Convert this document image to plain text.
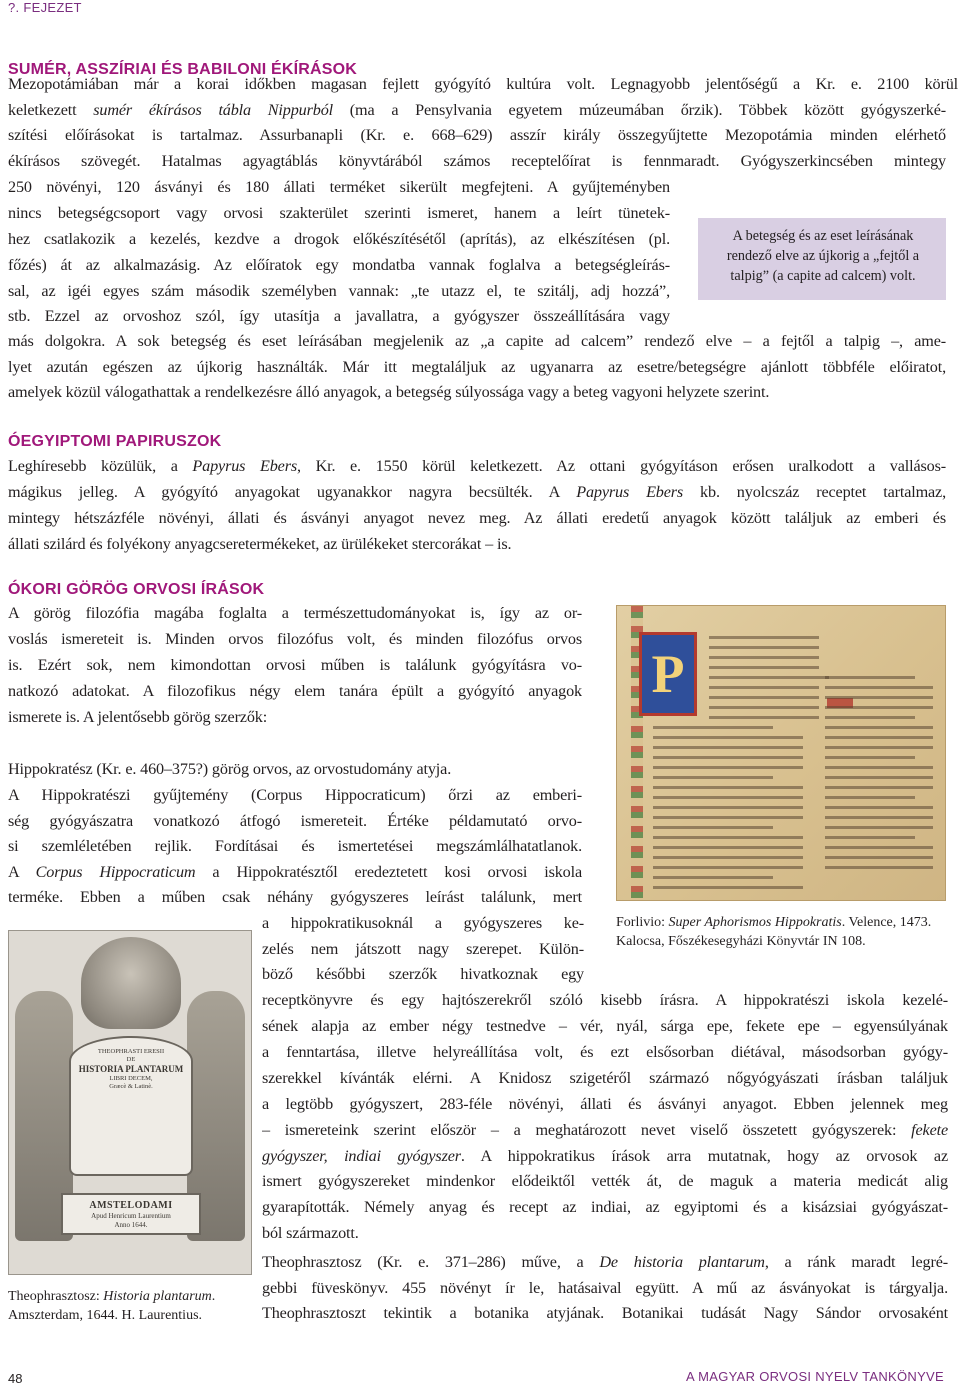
?. FEJEZET
SUMÉR, ASSZÍRIAI ÉS BABILONI ÉKÍRÁSOK
ÓEGYIPTOMI PAPIRUSZOK
ÓKORI GÖRÖG ORVOSI ÍRÁSOK
Mezopotámiában már a korai időkben magasan fejlett gyógyító kultúra volt. Legnagyobb jelentőségű a Kr. e. 2100 körül
keletkezett sumér ékírásos tábla Nippurból (ma a Pensylvania egyetem múzeumában őrzik). Többek között gyógyszerké-
szítési előírásokat is tartalmaz. Assurbanapli (Kr. e. 668–629) asszír király összegyűjtette Mezopotámia minden elérhető
ékírásos szövegét. Hatalmas agyagtáblás könyvtárából számos receptelőírat is fennmaradt. Gyógyszerkincsében mintegy
250 növényi, 120 ásványi és 180 állati terméket sikerült megfejteni. A gyűjteményben
nincs betegségcsoport vagy orvosi szakterület szerinti ismeret, hanem a leírt tünetek-
hez csatlakozik a kezelés, kezdve a drogok előkészítésétől (aprítás), az elkészítésen (pl.
főzés) át az alkalmazásig. Az előíratok egy mondatba vannak foglalva a betegségleírás-
sal, az igéi egyes szám második személyben vannak: „te utazz el, te szitálj, adj hozzá”,
stb. Ezzel az orvoshoz szól, így utasítja a javallatra, a gyógyszer összeállítására vagy
más dolgokra. A sok betegség és eset leírásában megjelenik az „a capite ad calcem” rendező elve – a fejtől a talpig –, ame-
lyet azután egészen az újkorig használták. Már itt megtaláljuk az ugyanarra az esetre/betegségre ajánlott többféle előiratot,
amelyek közül válogathattak a rendelkezésre álló anyagok, a betegség súlyossága vagy a beteg vagyoni helyzete szerint.
Leghíresebb közülük, a Papyrus Ebers, Kr. e. 1550 körül keletkezett. Az ottani gyógyításon erősen uralkodott a vallásos-
mágikus jelleg. A gyógyító anyagokat ugyanakkor nagyra becsülték. A Papyrus Ebers kb. nyolcszáz receptet tartalmaz,
mintegy hétszázféle növényi, állati és ásványi anyagot nevez meg. Az állati eredetű anyagok között találjuk az emberi és
állati szilárd és folyékony anyagcseretermékeket, az ürülékeket stercorákat – is.
A görög filozófia magába foglalta a természettudományokat is, így az or-
voslás ismereteit is. Minden orvos filozófus volt, és minden filozófus orvos
is. Ezért sok, nem kimondottan orvosi műben is találunk gyógyításra vo-
natkozó adatokat. A filozofikus négy elem tanára épült a gyógyító anyagok
ismerete is. A jelentősebb görög szerzők:
Hippokratész (Kr. e. 460–375?) görög orvos, az orvostudomány atyja.
A Hippokratészi gyűjtemény (Corpus Hippocraticum) őrzi az emberi-
ség gyógyászatra vonatkozó átfogó ismereteit. Értéke példamutató orvo-
si szemléletében rejlik. Fordításai és ismertetései megszámlálhatatlanok.
A Corpus Hippocraticum a Hippokratésztől eredeztetett kosi orvosi iskola
terméke. Ebben a műben csak néhány gyógyszeres leírást találunk, mert
a hippokratikusoknál a gyógyszeres ke-
zelés nem játszott nagy szerepet. Külön-
böző későbbi szerzők hivatkoznak egy
receptkönyvre és egy hajtószerekről szóló kisebb írásra. A hippokratészi iskola kezelé-
sének alapja az ember négy testnedve – vér, nyál, sárga epe, fekete epe – egyensúlyának
a fenntartása, illetve helyreállítása volt, és ezt elsősorban diétával, másodsorban gyógy-
szerekkel kívánták elérni. A Knidosz szigetéről származó nőgyógyászati írásban találjuk
a legtöbb gyógyszert, 283-féle növényi, állati és ásványi anyagot. Ebben jelennek meg
– ismereteink szerint először – a meghatározott nevet viselő összetett gyógyszerek: fekete
gyógyszer, indiai gyógyszer. A hippokratikus írások arra mutatnak, hogy az orvosok az
ismert gyógyszereket mindenkor elődeiktől vették át, de maguk a materia medicát alig
gyarapították. Némely anyag és recept az indiai, az egyiptomi és a kisázsiai gyógyászat-
ból származott.
Theophrasztosz (Kr. e. 371–286) műve, a De historia plantarum, a ránk maradt legré-
gebbi füveskönyv. 455 növényt ír le, hatásaival együtt. A mű az ásványokat is tárgyalja.
Theophrasztoszt tekintik a botanika atyjának. Botanikai tudását Nagy Sándor orvosaként
A betegség és az eset leírásának rendező elve az újkorig a „fejtől a talpig” (a capite ad calcem) volt.
P
Forlivio: Super Aphorismos Hippokratis. Velence, 1473.
Kalocsa, Főszékesegyházi Könyvtár IN 108.
THEOPHRASTI ERESII
DE
HISTORIA PLANTARUM
LIBRI DECEM,
Græcè & Latinè.
AMSTELODAMI
Apud Henricum Laurentium
Anno 1644.
Theophrasztosz: Historia plantarum.
Amszterdam, 1644. H. Laurentius.
48	A MAGYAR ORVOSI NYELV TANKÖNYVE
